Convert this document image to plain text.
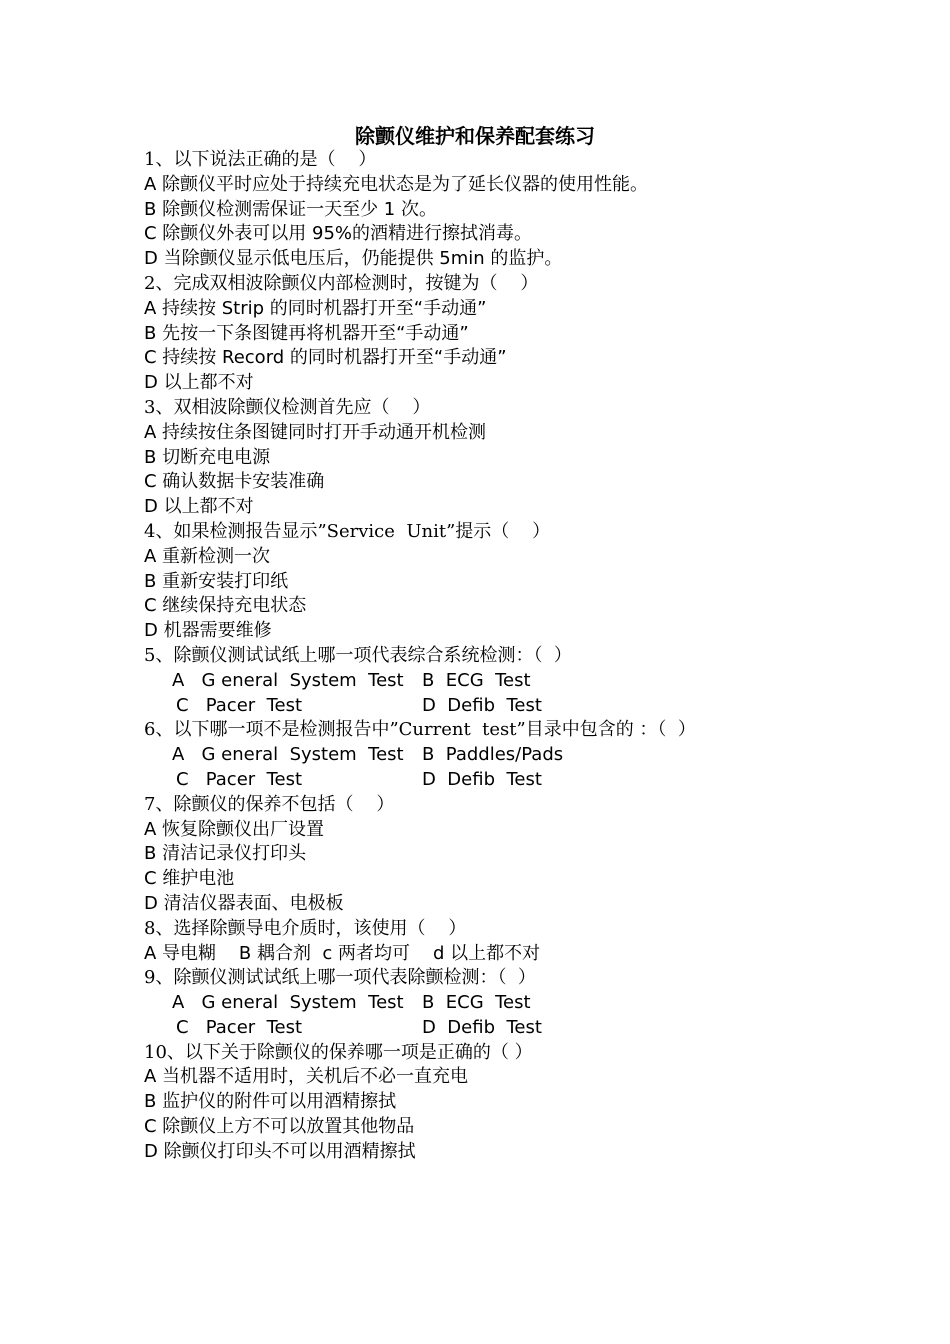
除颤仪维护和保养配套练习
1、以下说法正确的是（    ）
A 除颤仪平时应处于持续充电状态是为了延长仪器的使用性能。
B 除颤仪检测需保证一天至少 1 次。
C 除颤仪外表可以用 95%的酒精进行擦拭消毒。
D 当除颤仪显示低电压后，仍能提供 5min 的监护。
2、完成双相波除颤仪内部检测时，按键为（    ）
A 持续按 Strip 的同时机器打开至“手动通”
B 先按一下条图键再将机器开至“手动通”
C 持续按 Record 的同时机器打开至“手动通”
D 以上都不对
3、双相波除颤仪检测首先应（    ）
A 持续按住条图键同时打开手动通开机检测
B 切断充电电源
C 确认数据卡安装准确
D 以上都不对
4、如果检测报告显示”Service  Unit”提示（    ）
A 重新检测一次
B 重新安装打印纸
C 继续保持充电状态
D 机器需要维修
5、除颤仪测试试纸上哪一项代表综合系统检测：（  ）
A   G eneral  System  Test	B  ECG  Test
C   Pacer  Test	D  Defib  Test
6、以下哪一项不是检测报告中”Current  test”目录中包含的 ：（  ）
A   G eneral  System  Test	B  Paddles/Pads
C   Pacer  Test	D  Defib  Test
7、除颤仪的保养不包括（    ）
A 恢复除颤仪出厂设置
B 清洁记录仪打印头
C 维护电池
D 清洁仪器表面、电极板
8、选择除颤导电介质时，该使用（    ）
A 导电糊    B 耦合剂  c 两者均可    d 以上都不对
9、除颤仪测试试纸上哪一项代表除颤检测：（  ）
A   G eneral  System  Test	B  ECG  Test
C   Pacer  Test	D  Defib  Test
10、以下关于除颤仪的保养哪一项是正确的（ ）
A 当机器不适用时，关机后不必一直充电
B 监护仪的附件可以用酒精擦拭
C 除颤仪上方不可以放置其他物品
D 除颤仪打印头不可以用酒精擦拭
